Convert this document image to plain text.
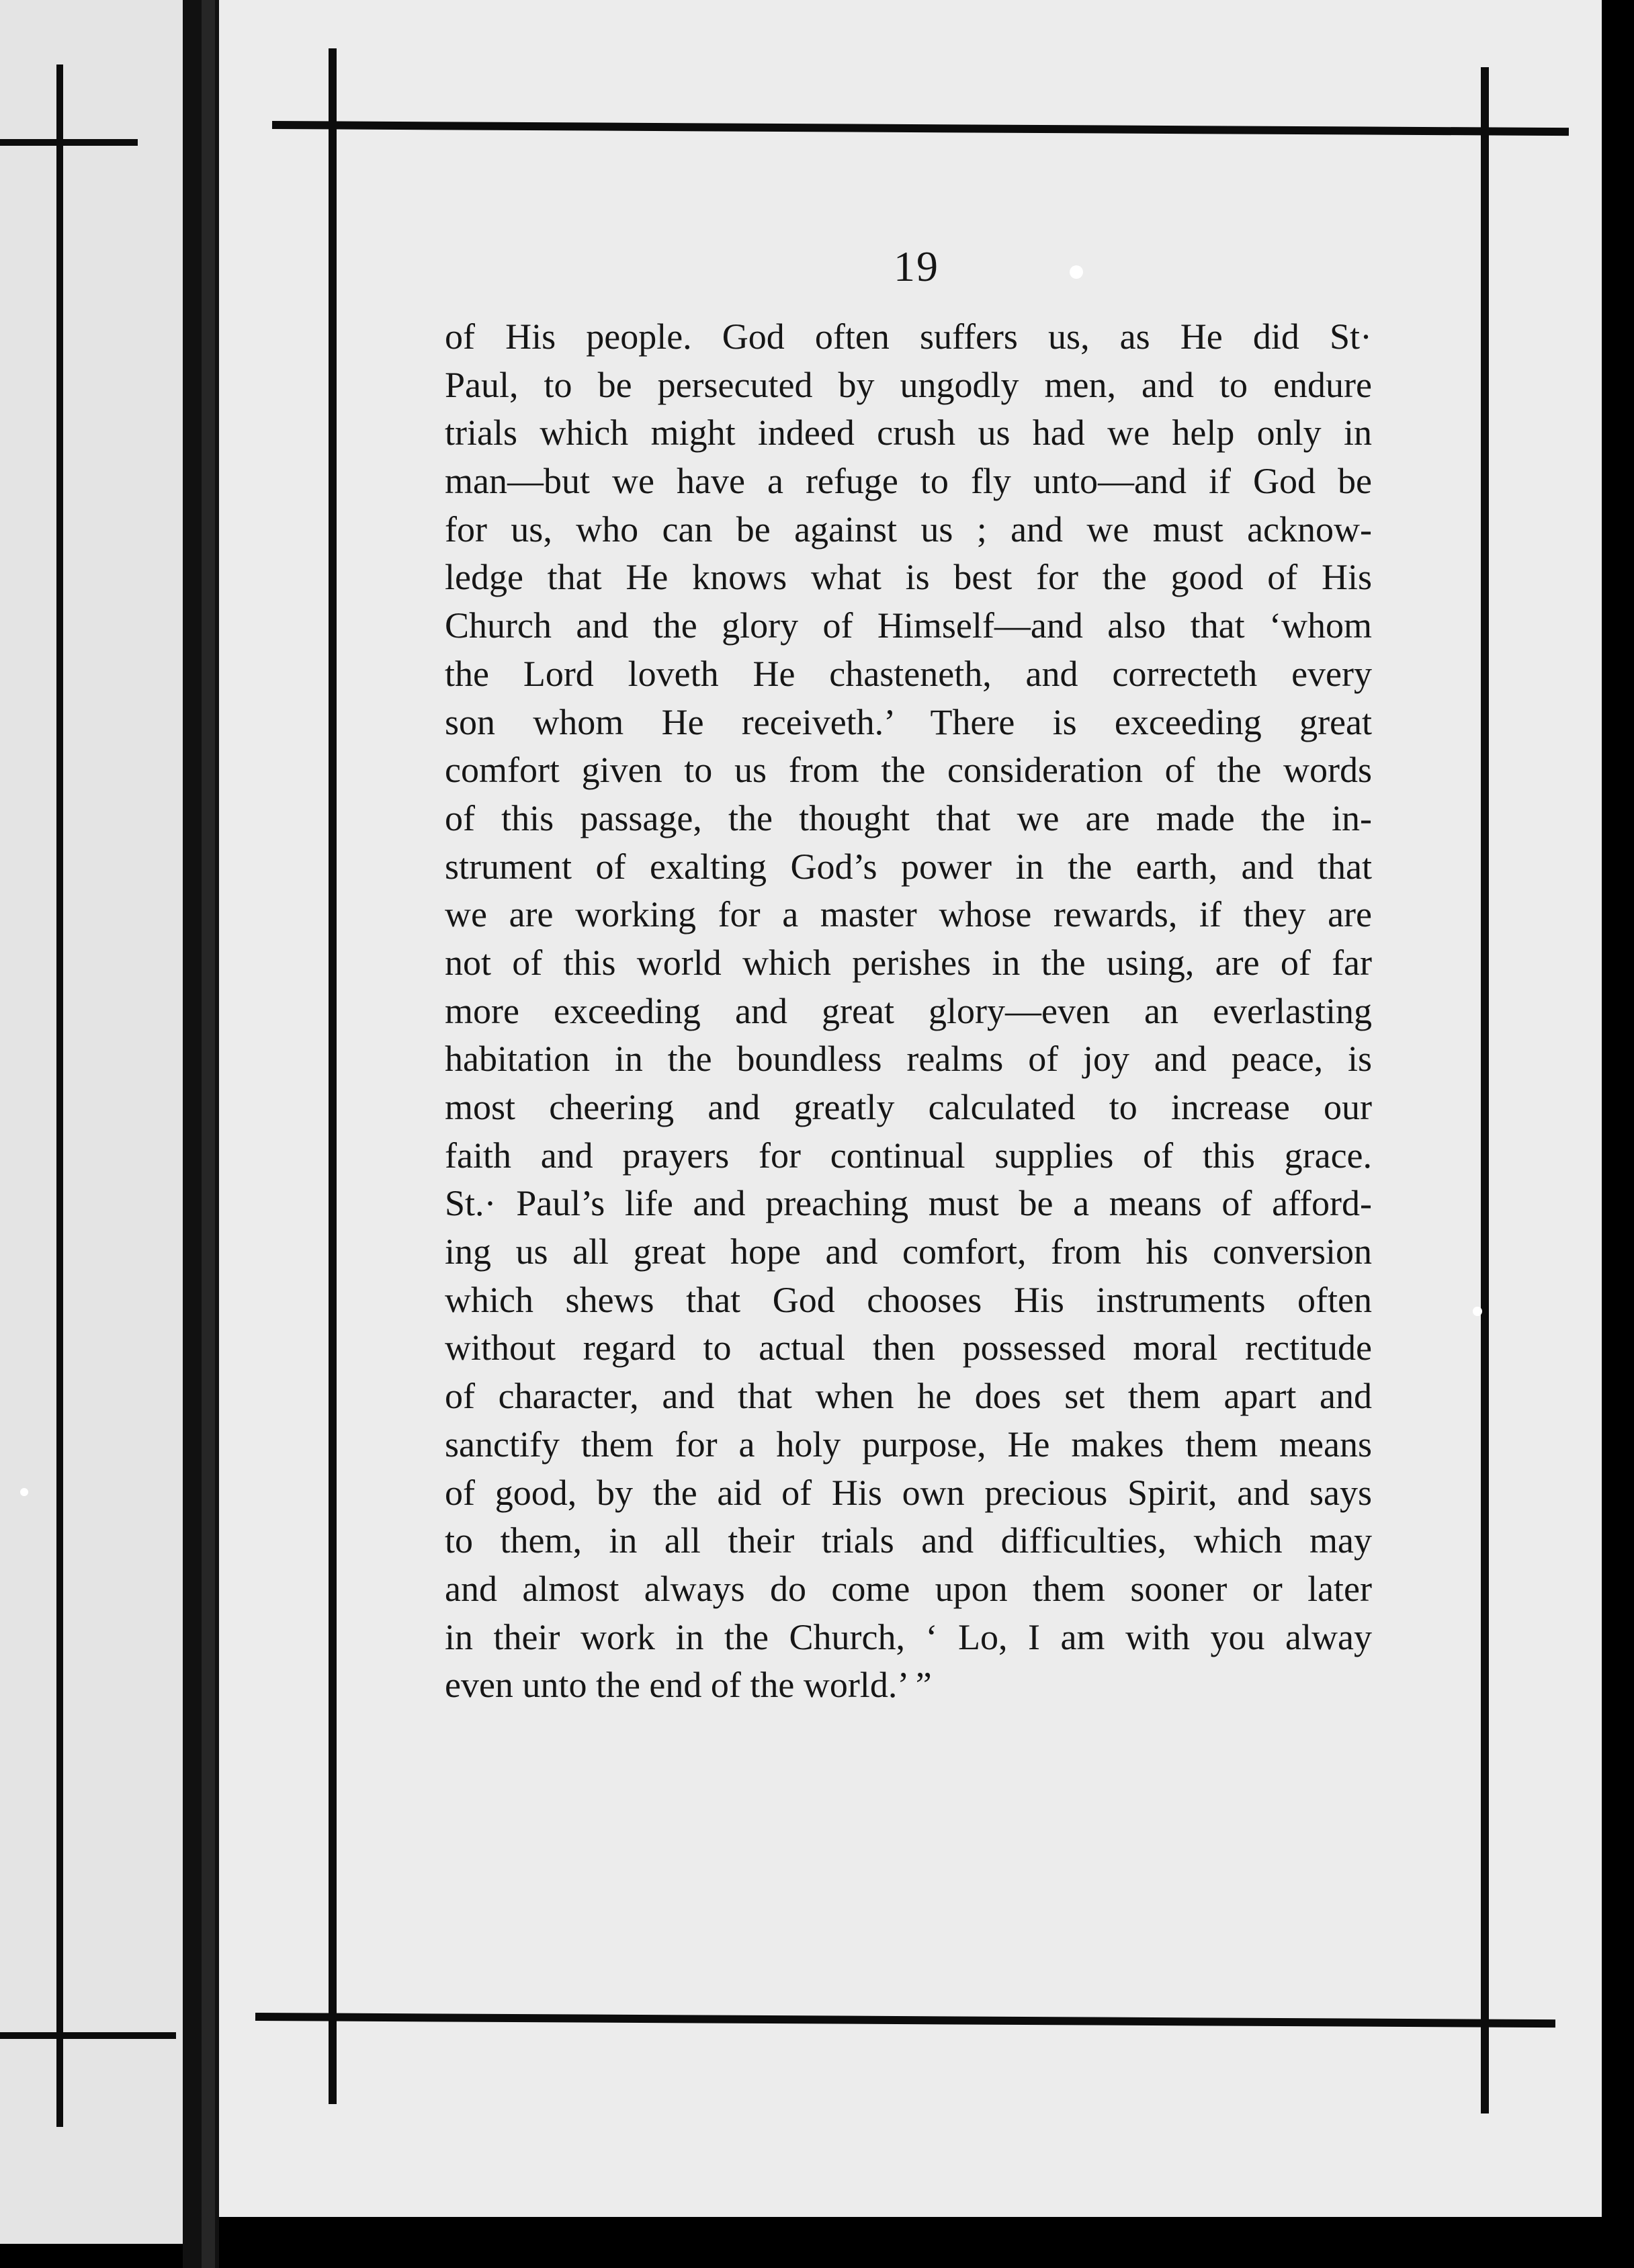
19
of His people. God often suffers us, as He did St·
Paul, to be persecuted by ungodly men, and to endure
trials which might indeed crush us had we help only in
man—but we have a refuge to fly unto—and if God be
for us, who can be against us ; and we must acknow-
ledge that He knows what is best for the good of His
Church and the glory of Himself—and also that ‘whom
the Lord loveth He chasteneth, and correcteth every
son whom He receiveth.’ There is exceeding great
comfort given to us from the consideration of the words
of this passage, the thought that we are made the in-
strument of exalting God’s power in the earth, and that
we are working for a master whose rewards, if they are
not of this world which perishes in the using, are of far
more exceeding and great glory—even an everlasting
habitation in the boundless realms of joy and peace, is
most cheering and greatly calculated to increase our
faith and prayers for continual supplies of this grace.
St.· Paul’s life and preaching must be a means of afford-
ing us all great hope and comfort, from his conversion
which shews that God chooses His instruments often
without regard to actual then possessed moral rectitude
of character, and that when he does set them apart and
sanctify them for a holy purpose, He makes them means
of good, by the aid of His own precious Spirit, and says
to them, in all their trials and difficulties, which may
and almost always do come upon them sooner or later
in their work in the Church, ‘ Lo, I am with you alway
even unto the end of the world.’ ”
